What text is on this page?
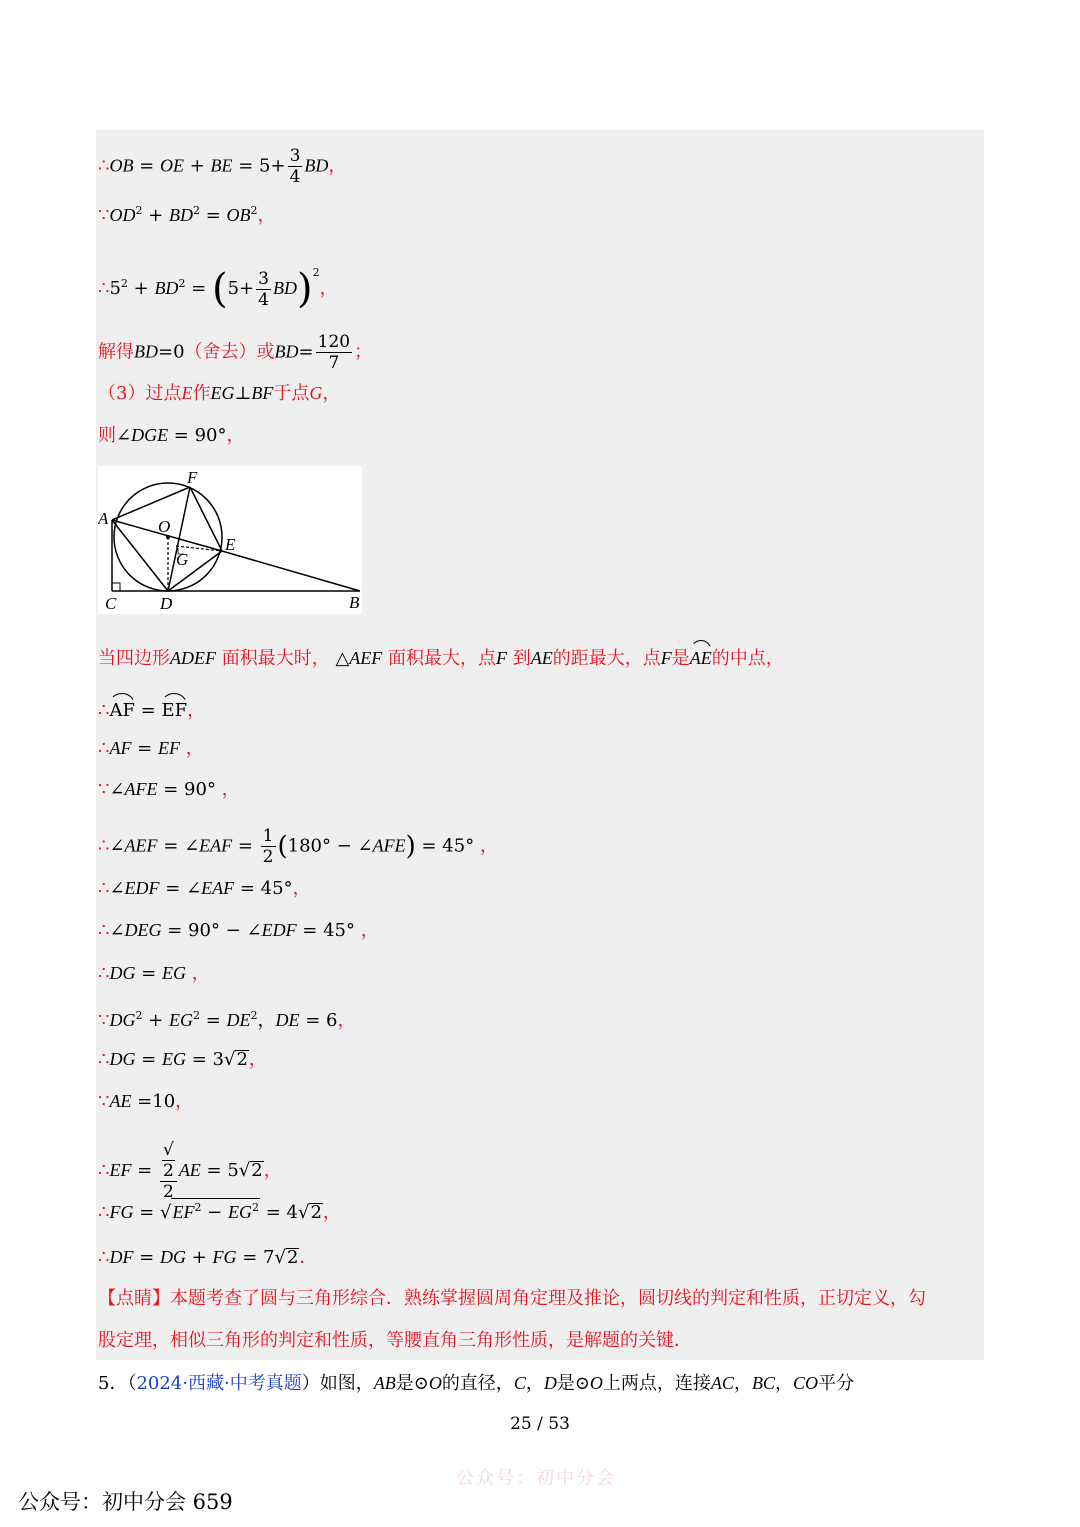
∴OB = OE + BE = $5+ \frac{3}{4}$ BD，
$\because OD^2 + BD^2 = OB^2$，
$\therefore 5^2 + BD^2 = (5+ \frac{3}{4} BD)^2$，
解得BD=0（舍去）或$BD= \frac{120}{7}$ ；
（3）过点E作EG⊥BF于点G，
则∠DGE = 90°，
F
A	O
G
E
C	D	B
当四边形ADEF 面积最大时， △AEF 面积最大，点F 到AE的距最大，点F是AE的中点，
∴AF = EF，
∴AF = EF ，
∵∠AFE = 90° ，
∴∠AEF = ∠EAF = $\frac{1}{2} (180^\circ$ − ∠AFE) = 45° ，
∴∠EDF = ∠EAF = 45°，
∴∠DEG = 90° − ∠EDF = 45° ，
∴DG = EG ，
$\because DG^2 + EG^2 = DE^2$，DE = 6，
∴DG = EG = 3√2，
∵AE =10，
∴EF = √
2
2 AE = 5√2，
∴FG = $√EF^2 - EG^2 = 4√2$，
∴DF = DG + FG = 7√2．
【点睛】本题考查了圆与三角形综合．熟练掌握圆周角定理及推论，圆切线的判定和性质，正切定义，勾
股定理，相似三角形的判定和性质，等腰直角三角形性质，是解题的关键．
5．（2024·西藏·中考真题）如图，AB是⊙O的直径，C，D是⊙O上两点，连接AC，BC，CO平分
25 / 53
公众号：初中分会 659
公众号：初中分会
